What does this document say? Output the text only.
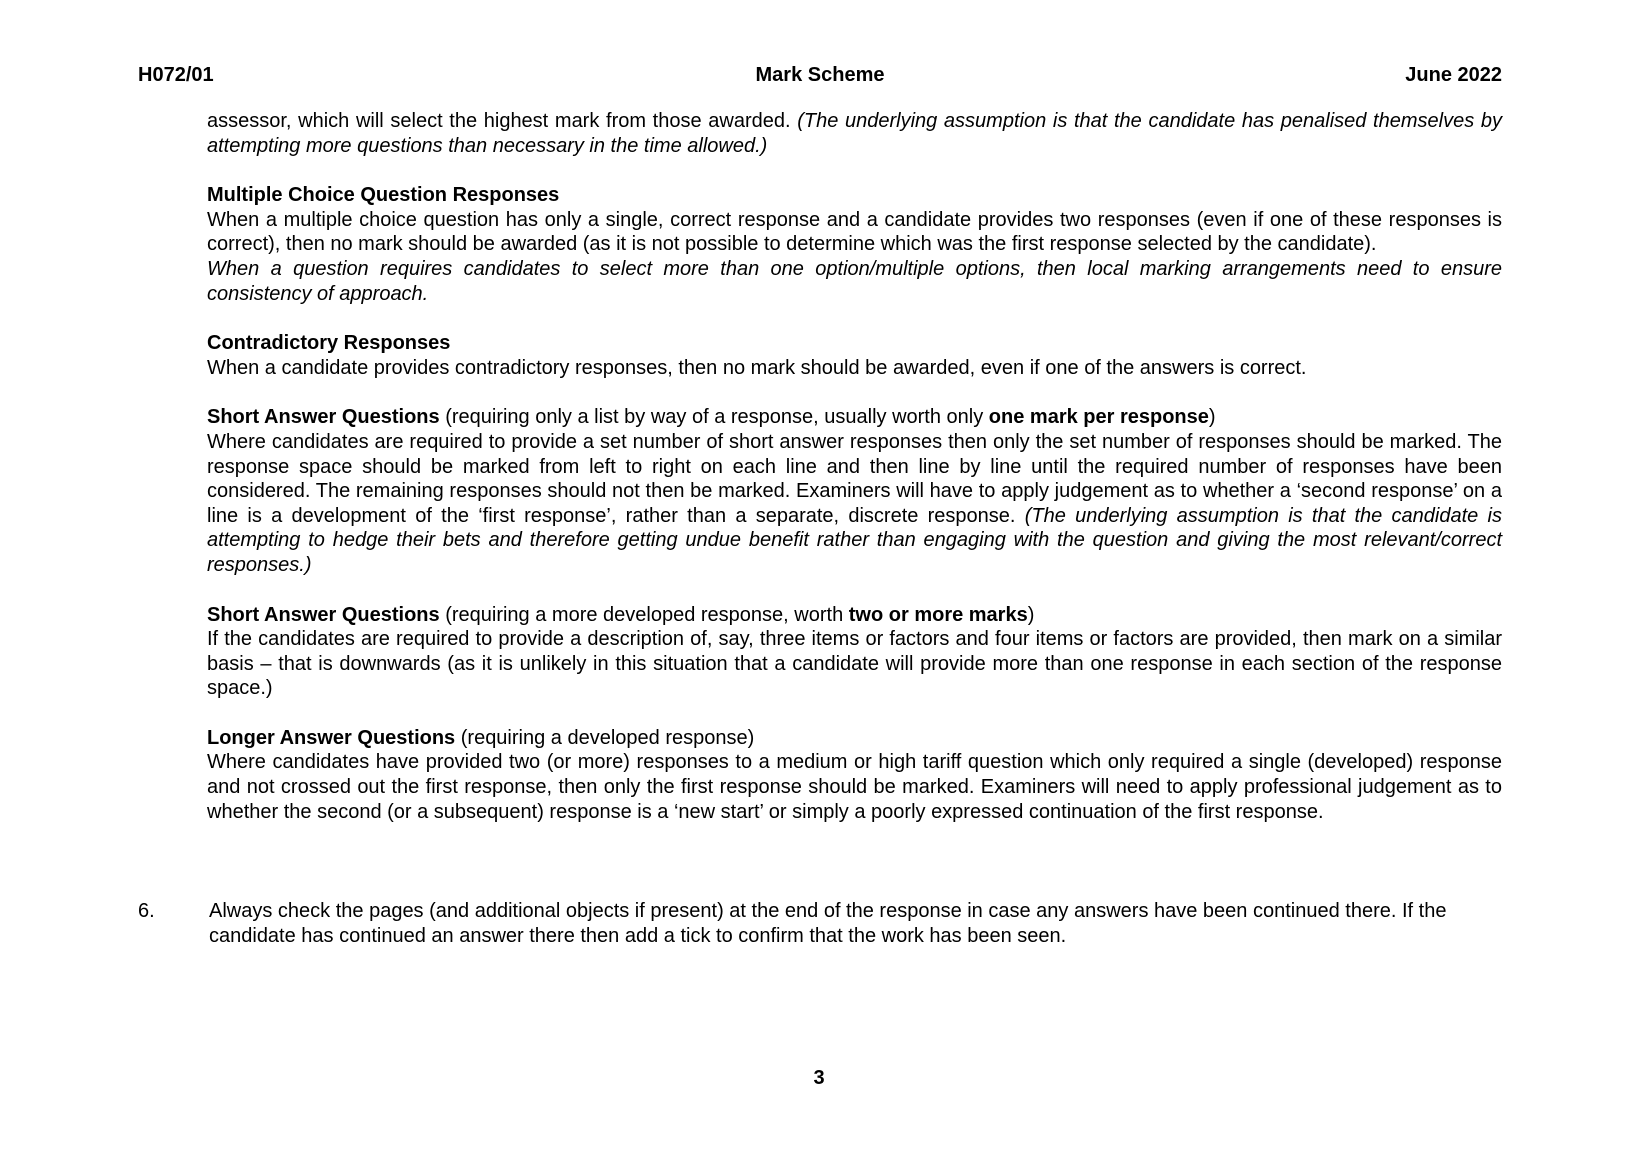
H072/01	Mark Scheme	June 2022

assessor, which will select the highest mark from those awarded. (The underlying assumption is that the candidate has penalised themselves by attempting more questions than necessary in the time allowed.)

Multiple Choice Question Responses

When a multiple choice question has only a single, correct response and a candidate provides two responses (even if one of these responses is correct), then no mark should be awarded (as it is not possible to determine which was the first response selected by the candidate).

When a question requires candidates to select more than one option/multiple options, then local marking arrangements need to ensure consistency of approach.

Contradictory Responses

When a candidate provides contradictory responses, then no mark should be awarded, even if one of the answers is correct.

Short Answer Questions (requiring only a list by way of a response, usually worth only one mark per response)

Where candidates are required to provide a set number of short answer responses then only the set number of responses should be marked. The response space should be marked from left to right on each line and then line by line until the required number of responses have been considered. The remaining responses should not then be marked. Examiners will have to apply judgement as to whether a ‘second response’ on a line is a development of the ‘first response’, rather than a separate, discrete response. (The underlying assumption is that the candidate is attempting to hedge their bets and therefore getting undue benefit rather than engaging with the question and giving the most relevant/correct responses.)

Short Answer Questions (requiring a more developed response, worth two or more marks)

If the candidates are required to provide a description of, say, three items or factors and four items or factors are provided, then mark on a similar basis – that is downwards (as it is unlikely in this situation that a candidate will provide more than one response in each section of the response space.)

Longer Answer Questions (requiring a developed response)

Where candidates have provided two (or more) responses to a medium or high tariff question which only required a single (developed) response and not crossed out the first response, then only the first response should be marked. Examiners will need to apply professional judgement as to whether the second (or a subsequent) response is a ‘new start’ or simply a poorly expressed continuation of the first response.

6.	Always check the pages (and additional objects if present) at the end of the response in case any answers have been continued there. If the candidate has continued an answer there then add a tick to confirm that the work has been seen.

3
